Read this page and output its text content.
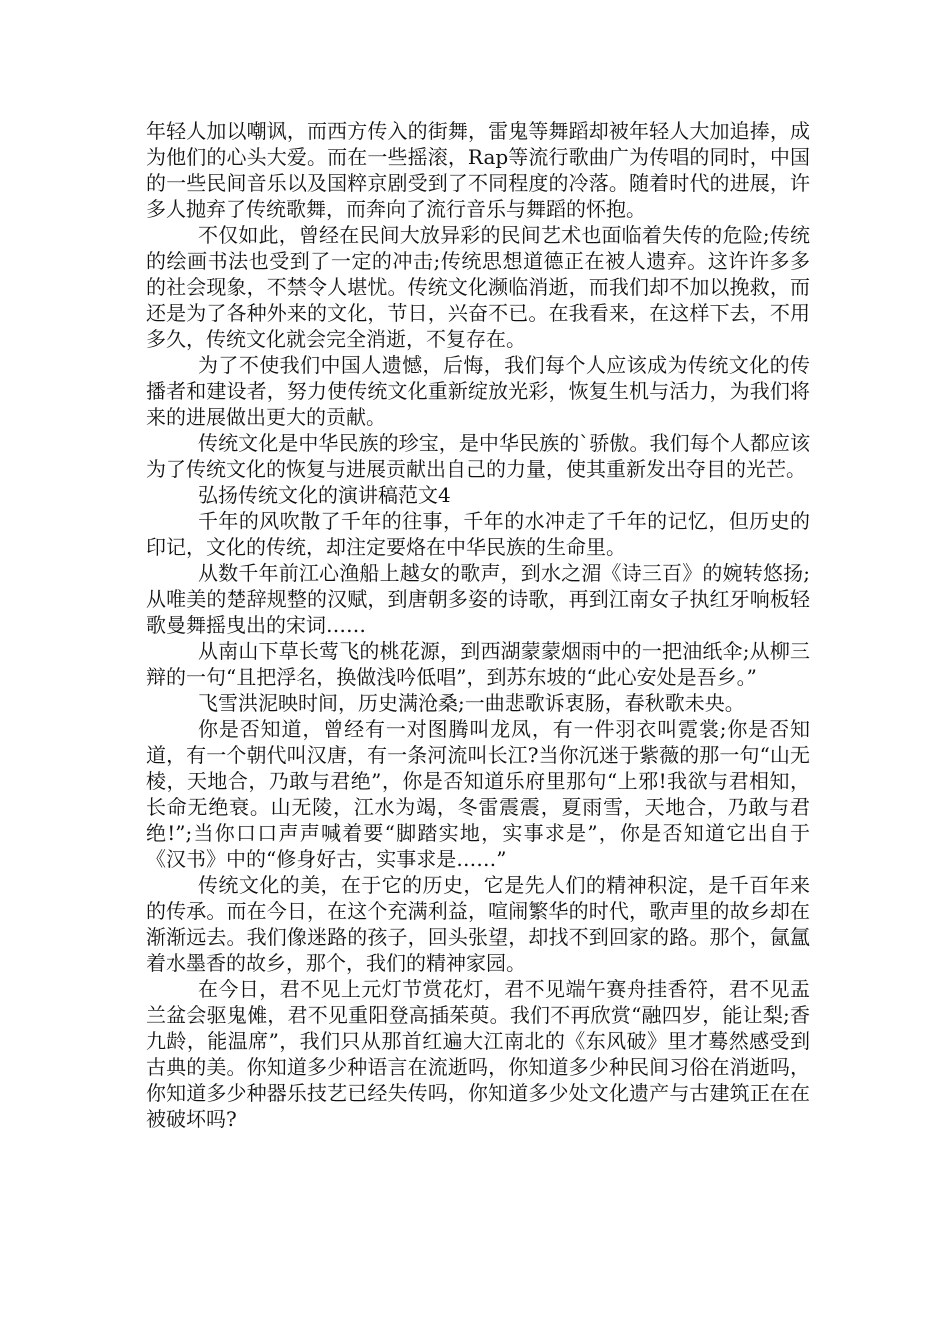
年轻人加以嘲讽，而西方传入的街舞，雷鬼等舞蹈却被年轻人大加追捧，成为他们的心头大爱。而在一些摇滚，Rap等流行歌曲广为传唱的同时，中国的一些民间音乐以及国粹京剧受到了不同程度的冷落。随着时代的进展，许多人抛弃了传统歌舞，而奔向了流行音乐与舞蹈的怀抱。

不仅如此，曾经在民间大放异彩的民间艺术也面临着失传的危险;传统的绘画书法也受到了一定的冲击;传统思想道德正在被人遗弃。这许许多多的社会现象，不禁令人堪忧。传统文化濒临消逝，而我们却不加以挽救，而还是为了各种外来的文化，节日，兴奋不已。在我看来，在这样下去，不用多久，传统文化就会完全消逝，不复存在。

为了不使我们中国人遗憾，后悔，我们每个人应该成为传统文化的传播者和建设者，努力使传统文化重新绽放光彩，恢复生机与活力，为我们将来的进展做出更大的贡献。

传统文化是中华民族的珍宝，是中华民族的`骄傲。我们每个人都应该为了传统文化的恢复与进展贡献出自己的力量，使其重新发出夺目的光芒。

弘扬传统文化的演讲稿范文4

千年的风吹散了千年的往事，千年的水冲走了千年的记忆，但历史的印记，文化的传统，却注定要烙在中华民族的生命里。

从数千年前江心渔船上越女的歌声，到水之湄《诗三百》的婉转悠扬;从唯美的楚辞规整的汉赋，到唐朝多姿的诗歌，再到江南女子执红牙响板轻歌曼舞摇曳出的宋词……

从南山下草长莺飞的桃花源，到西湖蒙蒙烟雨中的一把油纸伞;从柳三辩的一句“且把浮名，换做浅吟低唱”，到苏东坡的“此心安处是吾乡。”

飞雪洪泥映时间，历史满沧桑;一曲悲歌诉衷肠，春秋歌未央。

你是否知道，曾经有一对图腾叫龙凤，有一件羽衣叫霓裳;你是否知道，有一个朝代叫汉唐，有一条河流叫长江?当你沉迷于紫薇的那一句“山无棱，天地合，乃敢与君绝”，你是否知道乐府里那句“上邪!我欲与君相知，长命无绝衰。山无陵，江水为竭，冬雷震震，夏雨雪，天地合，乃敢与君绝!”;当你口口声声喊着要“脚踏实地，实事求是”，你是否知道它出自于《汉书》中的“修身好古，实事求是……”

传统文化的美，在于它的历史，它是先人们的精神积淀，是千百年来的传承。而在今日，在这个充满利益，喧闹繁华的时代，歌声里的故乡却在渐渐远去。我们像迷路的孩子，回头张望，却找不到回家的路。那个，氤氲着水墨香的故乡，那个，我们的精神家园。

在今日，君不见上元灯节赏花灯，君不见端午赛舟挂香符，君不见盂兰盆会驱鬼傩，君不见重阳登高插茱萸。我们不再欣赏“融四岁，能让梨;香九龄，能温席”，我们只从那首红遍大江南北的《东风破》里才蓦然感受到古典的美。你知道多少种语言在流逝吗，你知道多少种民间习俗在消逝吗，你知道多少种器乐技艺已经失传吗，你知道多少处文化遗产与古建筑正在在被破坏吗?
